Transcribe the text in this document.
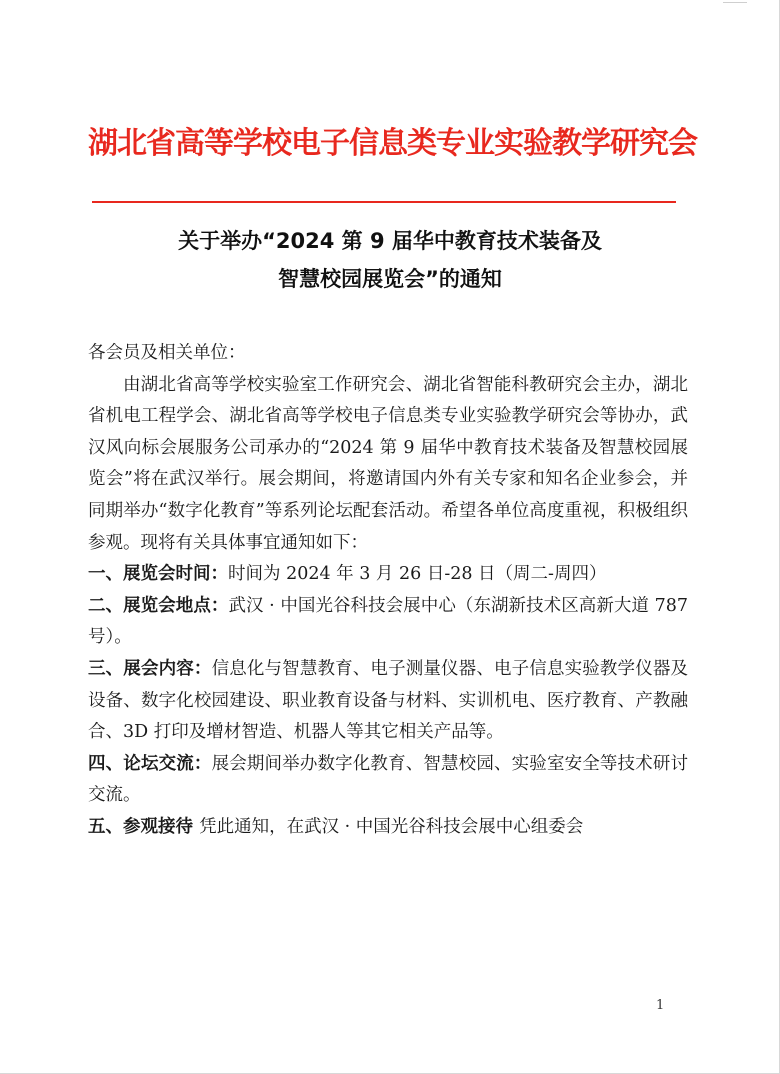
湖北省高等学校电子信息类专业实验教学研究会
关于举办“2024 第 9 届华中教育技术装备及
智慧校园展览会”的通知

各会员及相关单位：

由湖北省高等学校实验室工作研究会、湖北省智能科教研究会主办，湖北省机电工程学会、湖北省高等学校电子信息类专业实验教学研究会等协办，武汉风向标会展服务公司承办的“2024 第 9 届华中教育技术装备及智慧校园展览会”将在武汉举行。展会期间，将邀请国内外有关专家和知名企业参会，并同期举办“数字化教育”等系列论坛配套活动。希望各单位高度重视，积极组织参观。现将有关具体事宜通知如下：

一、展览会时间：时间为 2024 年 3 月 26 日-28 日（周二-周四）

二、展览会地点：武汉 · 中国光谷科技会展中心（东湖新技术区高新大道 787 号）。

三、展会内容：信息化与智慧教育、电子测量仪器、电子信息实验教学仪器及设备、数字化校园建设、职业教育设备与材料、实训机电、医疗教育、产教融合、3D 打印及增材智造、机器人等其它相关产品等。

四、论坛交流：展会期间举办数字化教育、智慧校园、实验室安全等技术研讨交流。

五、参观接待 凭此通知，在武汉 · 中国光谷科技会展中心组委会

1
